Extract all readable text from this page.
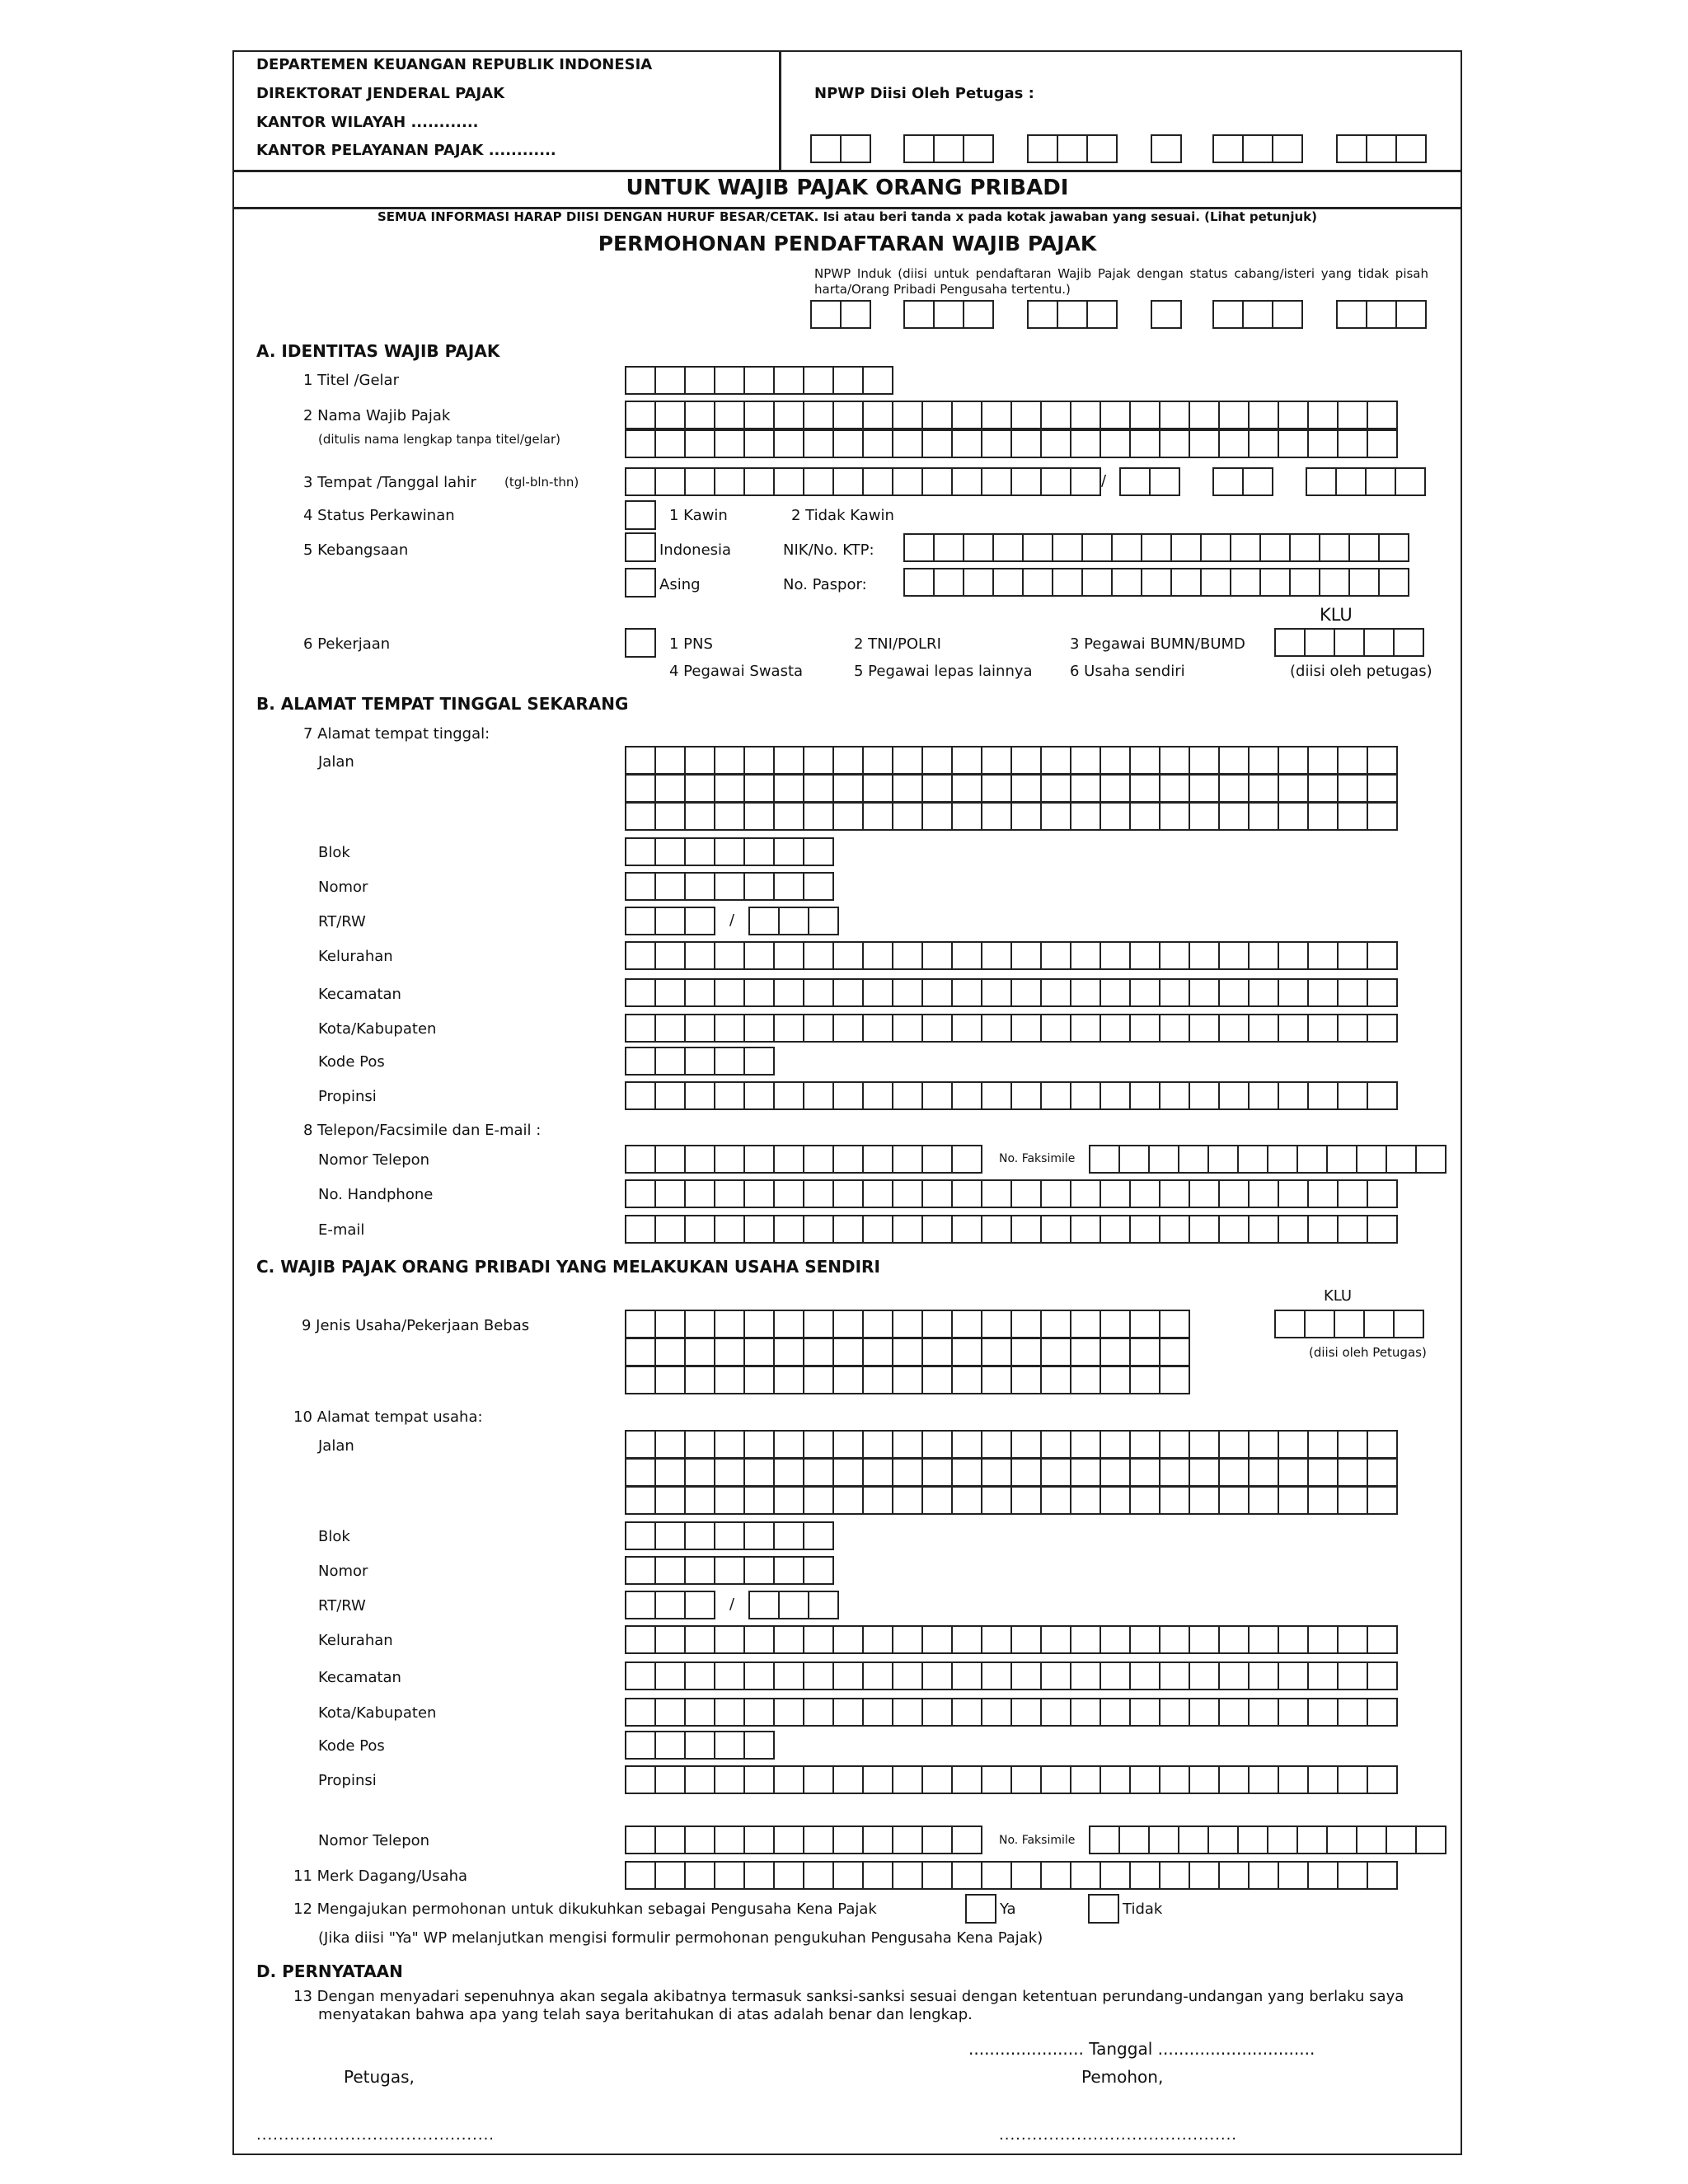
DEPARTEMEN KEUANGAN REPUBLIK INDONESIA
DIREKTORAT JENDERAL PAJAK
KANTOR WILAYAH ............
KANTOR PELAYANAN PAJAK ............
NPWP Diisi Oleh Petugas :
UNTUK WAJIB PAJAK ORANG PRIBADI
SEMUA INFORMASI HARAP DIISI DENGAN HURUF BESAR/CETAK. Isi atau beri tanda x pada kotak jawaban yang sesuai. (Lihat petunjuk)
PERMOHONAN PENDAFTARAN WAJIB PAJAK
NPWP Induk (diisi untuk pendaftaran Wajib Pajak dengan status cabang/isteri yang tidak pisah harta/Orang Pribadi Pengusaha tertentu.)
A. IDENTITAS WAJIB PAJAK
1 Titel /Gelar
2 Nama Wajib Pajak
(ditulis nama lengkap tanpa titel/gelar)
3 Tempat /Tanggal lahir (tgl-bln-thn)	/
4 Status Perkawinan	1 Kawin	2 Tidak Kawin
5 Kebangsaan	Indonesia	NIK/No. KTP:
Asing	No. Paspor:
KLU
6 Pekerjaan	1 PNS	2 TNI/POLRI	3 Pegawai BUMN/BUMD
4 Pegawai Swasta	5 Pegawai lepas lainnya	6 Usaha sendiri	(diisi oleh petugas)
B. ALAMAT TEMPAT TINGGAL SEKARANG
7 Alamat tempat tinggal:
Jalan
Blok
Nomor
RT/RW	/
Kelurahan
Kecamatan
Kota/Kabupaten
Kode Pos
Propinsi
8 Telepon/Facsimile dan E-mail :
Nomor Telepon	No. Faksimile
No. Handphone
E-mail
C. WAJIB PAJAK ORANG PRIBADI YANG MELAKUKAN USAHA SENDIRI
KLU
9 Jenis Usaha/Pekerjaan Bebas
(diisi oleh Petugas)
10 Alamat tempat usaha:
Jalan
Blok
Nomor
RT/RW	/
Kelurahan
Kecamatan
Kota/Kabupaten
Kode Pos
Propinsi
Nomor Telepon	No. Faksimile
11 Merk Dagang/Usaha
12 Mengajukan permohonan untuk dikukuhkan sebagai Pengusaha Kena Pajak	Ya	Tidak
(Jika diisi "Ya" WP melanjutkan mengisi formulir permohonan pengukuhan Pengusaha Kena Pajak)
D. PERNYATAAN
13 Dengan menyadari sepenuhnya akan segala akibatnya termasuk sanksi-sanksi sesuai dengan ketentuan perundang-undangan yang berlaku saya
menyatakan bahwa apa yang telah saya beritahukan di atas adalah benar dan lengkap.
...................... Tanggal ..............................
Petugas,	Pemohon,
...........................................	...........................................
